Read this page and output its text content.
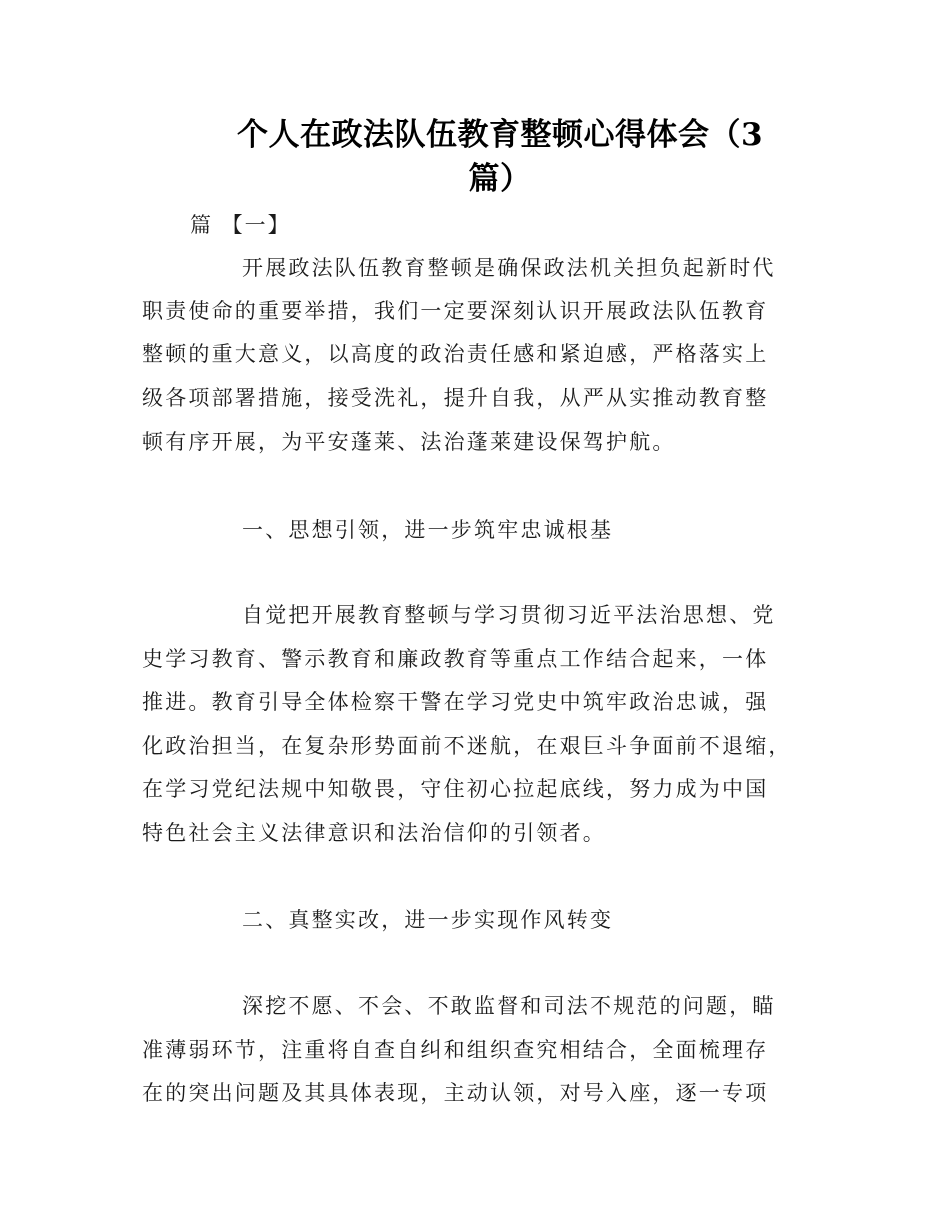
个人在政法队伍教育整顿心得体会（3
篇）
篇 【一】
开展政法队伍教育整顿是确保政法机关担负起新时代
职责使命的重要举措，我们一定要深刻认识开展政法队伍教育
整顿的重大意义，以高度的政治责任感和紧迫感，严格落实上
级各项部署措施，接受洗礼，提升自我，从严从实推动教育整
顿有序开展，为平安蓬莱、法治蓬莱建设保驾护航。
一、思想引领，进一步筑牢忠诚根基
自觉把开展教育整顿与学习贯彻习近平法治思想、党
史学习教育、警示教育和廉政教育等重点工作结合起来，一体
推进。教育引导全体检察干警在学习党史中筑牢政治忠诚，强
化政治担当，在复杂形势面前不迷航，在艰巨斗争面前不退缩，
在学习党纪法规中知敬畏，守住初心拉起底线，努力成为中国
特色社会主义法律意识和法治信仰的引领者。
二、真整实改，进一步实现作风转变
深挖不愿、不会、不敢监督和司法不规范的问题，瞄
准薄弱环节，注重将自查自纠和组织查究相结合，全面梳理存
在的突出问题及其具体表现，主动认领，对号入座，逐一专项
